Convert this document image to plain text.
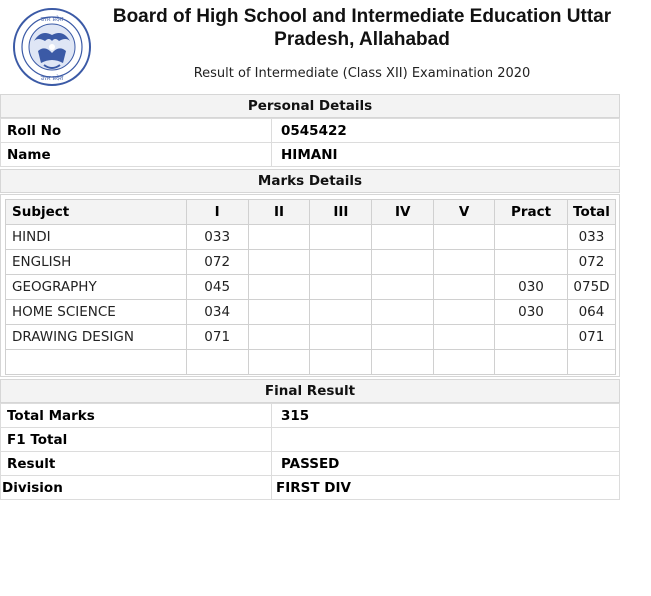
उत्तर प्रदेश
उत्तर प्रदेश
Board of High School and Intermediate Education Uttar Pradesh, Allahabad
Result of Intermediate (Class XII) Examination 2020
Personal Details
Roll No	0545422
Name	HIMANI
Marks Details
Subject	I	II	III	IV	V	Pract	Total
HINDI	033						033
ENGLISH	072						072
GEOGRAPHY	045					030	075D
HOME SCIENCE	034					030	064
DRAWING DESIGN	071						071

Final Result
Total Marks	315
F1 Total	
Result	PASSED
Division	FIRST DIV
